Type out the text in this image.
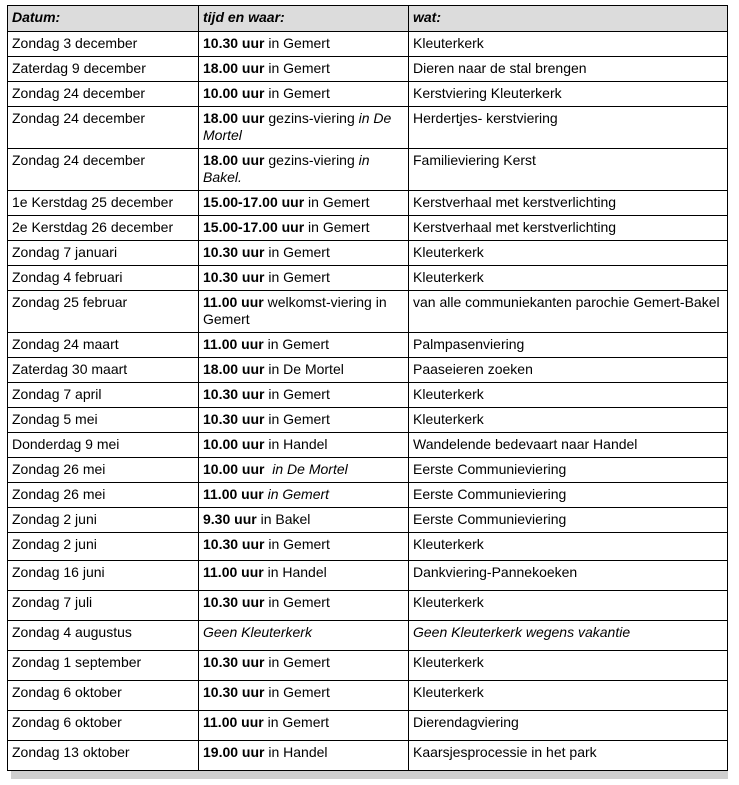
Datum:	tijd en waar:	wat:
Zondag 3 december	10.30 uur in Gemert	Kleuterkerk
Zaterdag 9 december	18.00 uur in Gemert	Dieren naar de stal brengen
Zondag 24 december	10.00 uur in Gemert	Kerstviering Kleuterkerk
Zondag 24 december	18.00 uur gezins-viering in De Mortel	Herdertjes- kerstviering
Zondag 24 december	18.00 uur gezins-viering in Bakel.	Familieviering Kerst
1e Kerstdag 25 december	15.00-17.00 uur in Gemert	Kerstverhaal met kerstverlichting
2e Kerstdag 26 december	15.00-17.00 uur in Gemert	Kerstverhaal met kerstverlichting
Zondag 7 januari	10.30 uur in Gemert	Kleuterkerk
Zondag 4 februari	10.30 uur in Gemert	Kleuterkerk
Zondag 25 februar	11.00 uur welkomst-viering in Gemert	van alle communiekanten parochie Gemert-Bakel
Zondag 24 maart	11.00 uur in Gemert	Palmpasenviering
Zaterdag 30 maart	18.00 uur in De Mortel	Paaseieren zoeken
Zondag 7 april	10.30 uur in Gemert	Kleuterkerk
Zondag 5 mei	10.30 uur in Gemert	Kleuterkerk
Donderdag 9 mei	10.00 uur in Handel	Wandelende bedevaart naar Handel
Zondag 26 mei	10.00 uur in De Mortel	Eerste Communieviering
Zondag 26 mei	11.00 uur in Gemert	Eerste Communieviering
Zondag 2 juni	9.30 uur in Bakel	Eerste Communieviering
Zondag 2 juni	10.30 uur in Gemert	Kleuterkerk
Zondag 16 juni	11.00 uur in Handel	Dankviering-Pannekoeken
Zondag 7 juli	10.30 uur in Gemert	Kleuterkerk
Zondag 4 augustus	Geen Kleuterkerk	Geen Kleuterkerk wegens vakantie
Zondag 1 september	10.30 uur in Gemert	Kleuterkerk
Zondag 6 oktober	10.30 uur in Gemert	Kleuterkerk
Zondag 6 oktober	11.00 uur in Gemert	Dierendagviering
Zondag 13 oktober	19.00 uur in Handel	Kaarsjesprocessie in het park
